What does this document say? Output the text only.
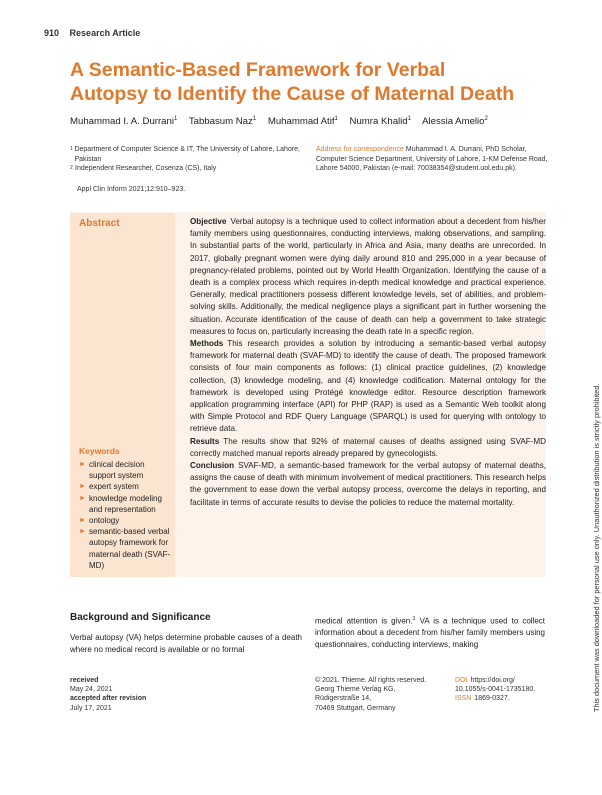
910 Research Article
A Semantic-Based Framework for Verbal
Autopsy to Identify the Cause of Maternal Death
Muhammad I. A. Durrani$^1$ Tabbasum Naz$^1$ Muhammad Atif$^1$ Numra Khalid$^1$ Alessia Amelio$^2$
1 Department of Computer Science & IT, The University of Lahore, Lahore, Pakistan
2 Independent Researcher, Cosenza (CS), Italy
Address for correspondence Muhammad I. A. Durrani, PhD Scholar, Computer Science Department, University of Lahore, 1-KM Defense Road, Lahore 54000, Pakistan (e-mail: 70038354@student.uol.edu.pk).
Appl Clin Inform 2021;12:910–923.
Abstract
Keywords
► clinical decision support system
► expert system
► knowledge modeling and representation
► ontology
► semantic-based verbal autopsy framework for maternal death (SVAF-MD)

Objective Verbal autopsy is a technique used to collect information about a decedent from his/her family members using questionnaires, conducting interviews, making observations, and sampling. In substantial parts of the world, particularly in Africa and Asia, many deaths are unrecorded. In 2017, globally pregnant women were dying daily around 810 and 295,000 in a year because of pregnancy-related problems, pointed out by World Health Organization. Identifying the cause of a death is a complex process which requires in-depth medical knowledge and practical experience. Generally, medical practitioners possess different knowledge levels, set of abilities, and problem-solving skills. Additionally, the medical negligence plays a significant part in further worsening the situation. Accurate identification of the cause of death can help a government to take strategic measures to focus on, particularly increasing the death rate in a specific region.

Methods This research provides a solution by introducing a semantic-based verbal autopsy framework for maternal death (SVAF-MD) to identify the cause of death. The proposed framework consists of four main components as follows: (1) clinical practice guidelines, (2) knowledge collection, (3) knowledge modeling, and (4) knowledge codification. Maternal ontology for the framework is developed using Protégé knowledge editor. Resource description framework application programming interface (API) for PHP (RAP) is used as a Semantic Web toolkit along with Simple Protocol and RDF Query Language (SPARQL) is used for querying with ontology to retrieve data.

Results The results show that 92% of maternal causes of deaths assigned using SVAF-MD correctly matched manual reports already prepared by gynecologists.

Conclusion SVAF-MD, a semantic-based framework for the verbal autopsy of maternal deaths, assigns the cause of death with minimum involvement of medical practitioners. This research helps the government to ease down the verbal autopsy process, overcome the delays in reporting, and facilitate in terms of accurate results to devise the policies to reduce the maternal mortality.	This document was downloaded for personal use only. Unauthorized distribution is strictly prohibited.
Background and Significance
Verbal autopsy (VA) helps determine probable causes of a death where no medical record is available or no formal
medical attention is given.$^1$ VA is a technique used to collect information about a decedent from his/her family members using questionnaires, conducting interviews, making
received
May 24, 2021
accepted after revision
July 17, 2021
© 2021. Thieme. All rights reserved.
Georg Thieme Verlag KG,
Rüdigerstraße 14,
70469 Stuttgart, Germany
DOI https://doi.org/
10.1055/s-0041-1735180.
ISSN 1869-0327.
